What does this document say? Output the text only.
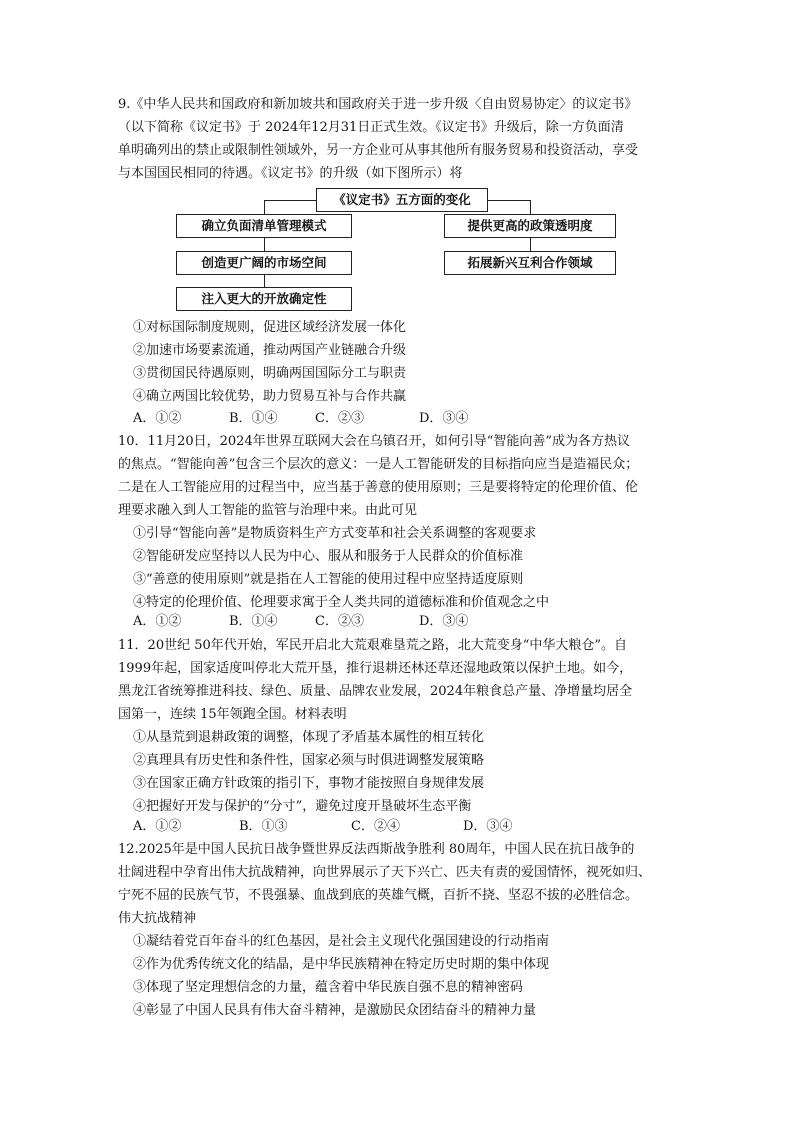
9.《中华人民共和国政府和新加坡共和国政府关于进一步升级〈自由贸易协定〉的议定书》
（以下简称《议定书》于 2024年12月31日正式生效。《议定书》升级后，除一方负面清
单明确列出的禁止或限制性领域外，另一方企业可从事其他所有服务贸易和投资活动，享受
与本国国民相同的待遇。《议定书》的升级（如下图所示）将
《议定书》五方面的变化
确立负面清单管理模式
创造更广阔的市场空间
注入更大的开放确定性
提供更高的政策透明度
拓展新兴互利合作领域
①对标国际制度规则，促进区域经济发展一体化
②加速市场要素流通，推动两国产业链融合升级
③贯彻国民待遇原则，明确两国国际分工与职责
④确立两国比较优势，助力贸易互补与合作共赢
A．①②	B．①④	C．②③	D．③④
10．11月20日，2024年世界互联网大会在乌镇召开，如何引导“智能向善”成为各方热议
的焦点。“智能向善”包含三个层次的意义：一是人工智能研发的目标指向应当是造福民众；
二是在人工智能应用的过程当中，应当基于善意的使用原则；三是要将特定的伦理价值、伦
理要求融入到人工智能的监管与治理中来。由此可见
①引导“智能向善”是物质资料生产方式变革和社会关系调整的客观要求
②智能研发应坚持以人民为中心、服从和服务于人民群众的价值标准
③“善意的使用原则”就是指在人工智能的使用过程中应坚持适度原则
④特定的伦理价值、伦理要求寓于全人类共同的道德标准和价值观念之中
A．①②	B．①④	C．②③	D．③④
11．20世纪 50年代开始，军民开启北大荒艰难垦荒之路，北大荒变身“中华大粮仓”。自
1999年起，国家适度叫停北大荒开垦，推行退耕还林还草还湿地政策以保护土地。如今，
黑龙江省统筹推进科技、绿色、质量、品牌农业发展，2024年粮食总产量、净增量均居全
国第一，连续 15年领跑全国。材料表明
①从垦荒到退耕政策的调整，体现了矛盾基本属性的相互转化
②真理具有历史性和条件性，国家必须与时俱进调整发展策略
③在国家正确方针政策的指引下，事物才能按照自身规律发展
④把握好开发与保护的“分寸”，避免过度开垦破坏生态平衡
A．①②	B．①③	C．②④	D．③④
12.2025年是中国人民抗日战争暨世界反法西斯战争胜利 80周年，中国人民在抗日战争的
壮阔进程中孕育出伟大抗战精神，向世界展示了天下兴亡、匹夫有责的爱国情怀，视死如归、
宁死不屈的民族气节，不畏强暴、血战到底的英雄气概，百折不挠、坚忍不拔的必胜信念。
伟大抗战精神
①凝结着党百年奋斗的红色基因，是社会主义现代化强国建设的行动指南
②作为优秀传统文化的结晶，是中华民族精神在特定历史时期的集中体现
③体现了坚定理想信念的力量，蕴含着中华民族自强不息的精神密码
④彰显了中国人民具有伟大奋斗精神，是激励民众团结奋斗的精神力量
